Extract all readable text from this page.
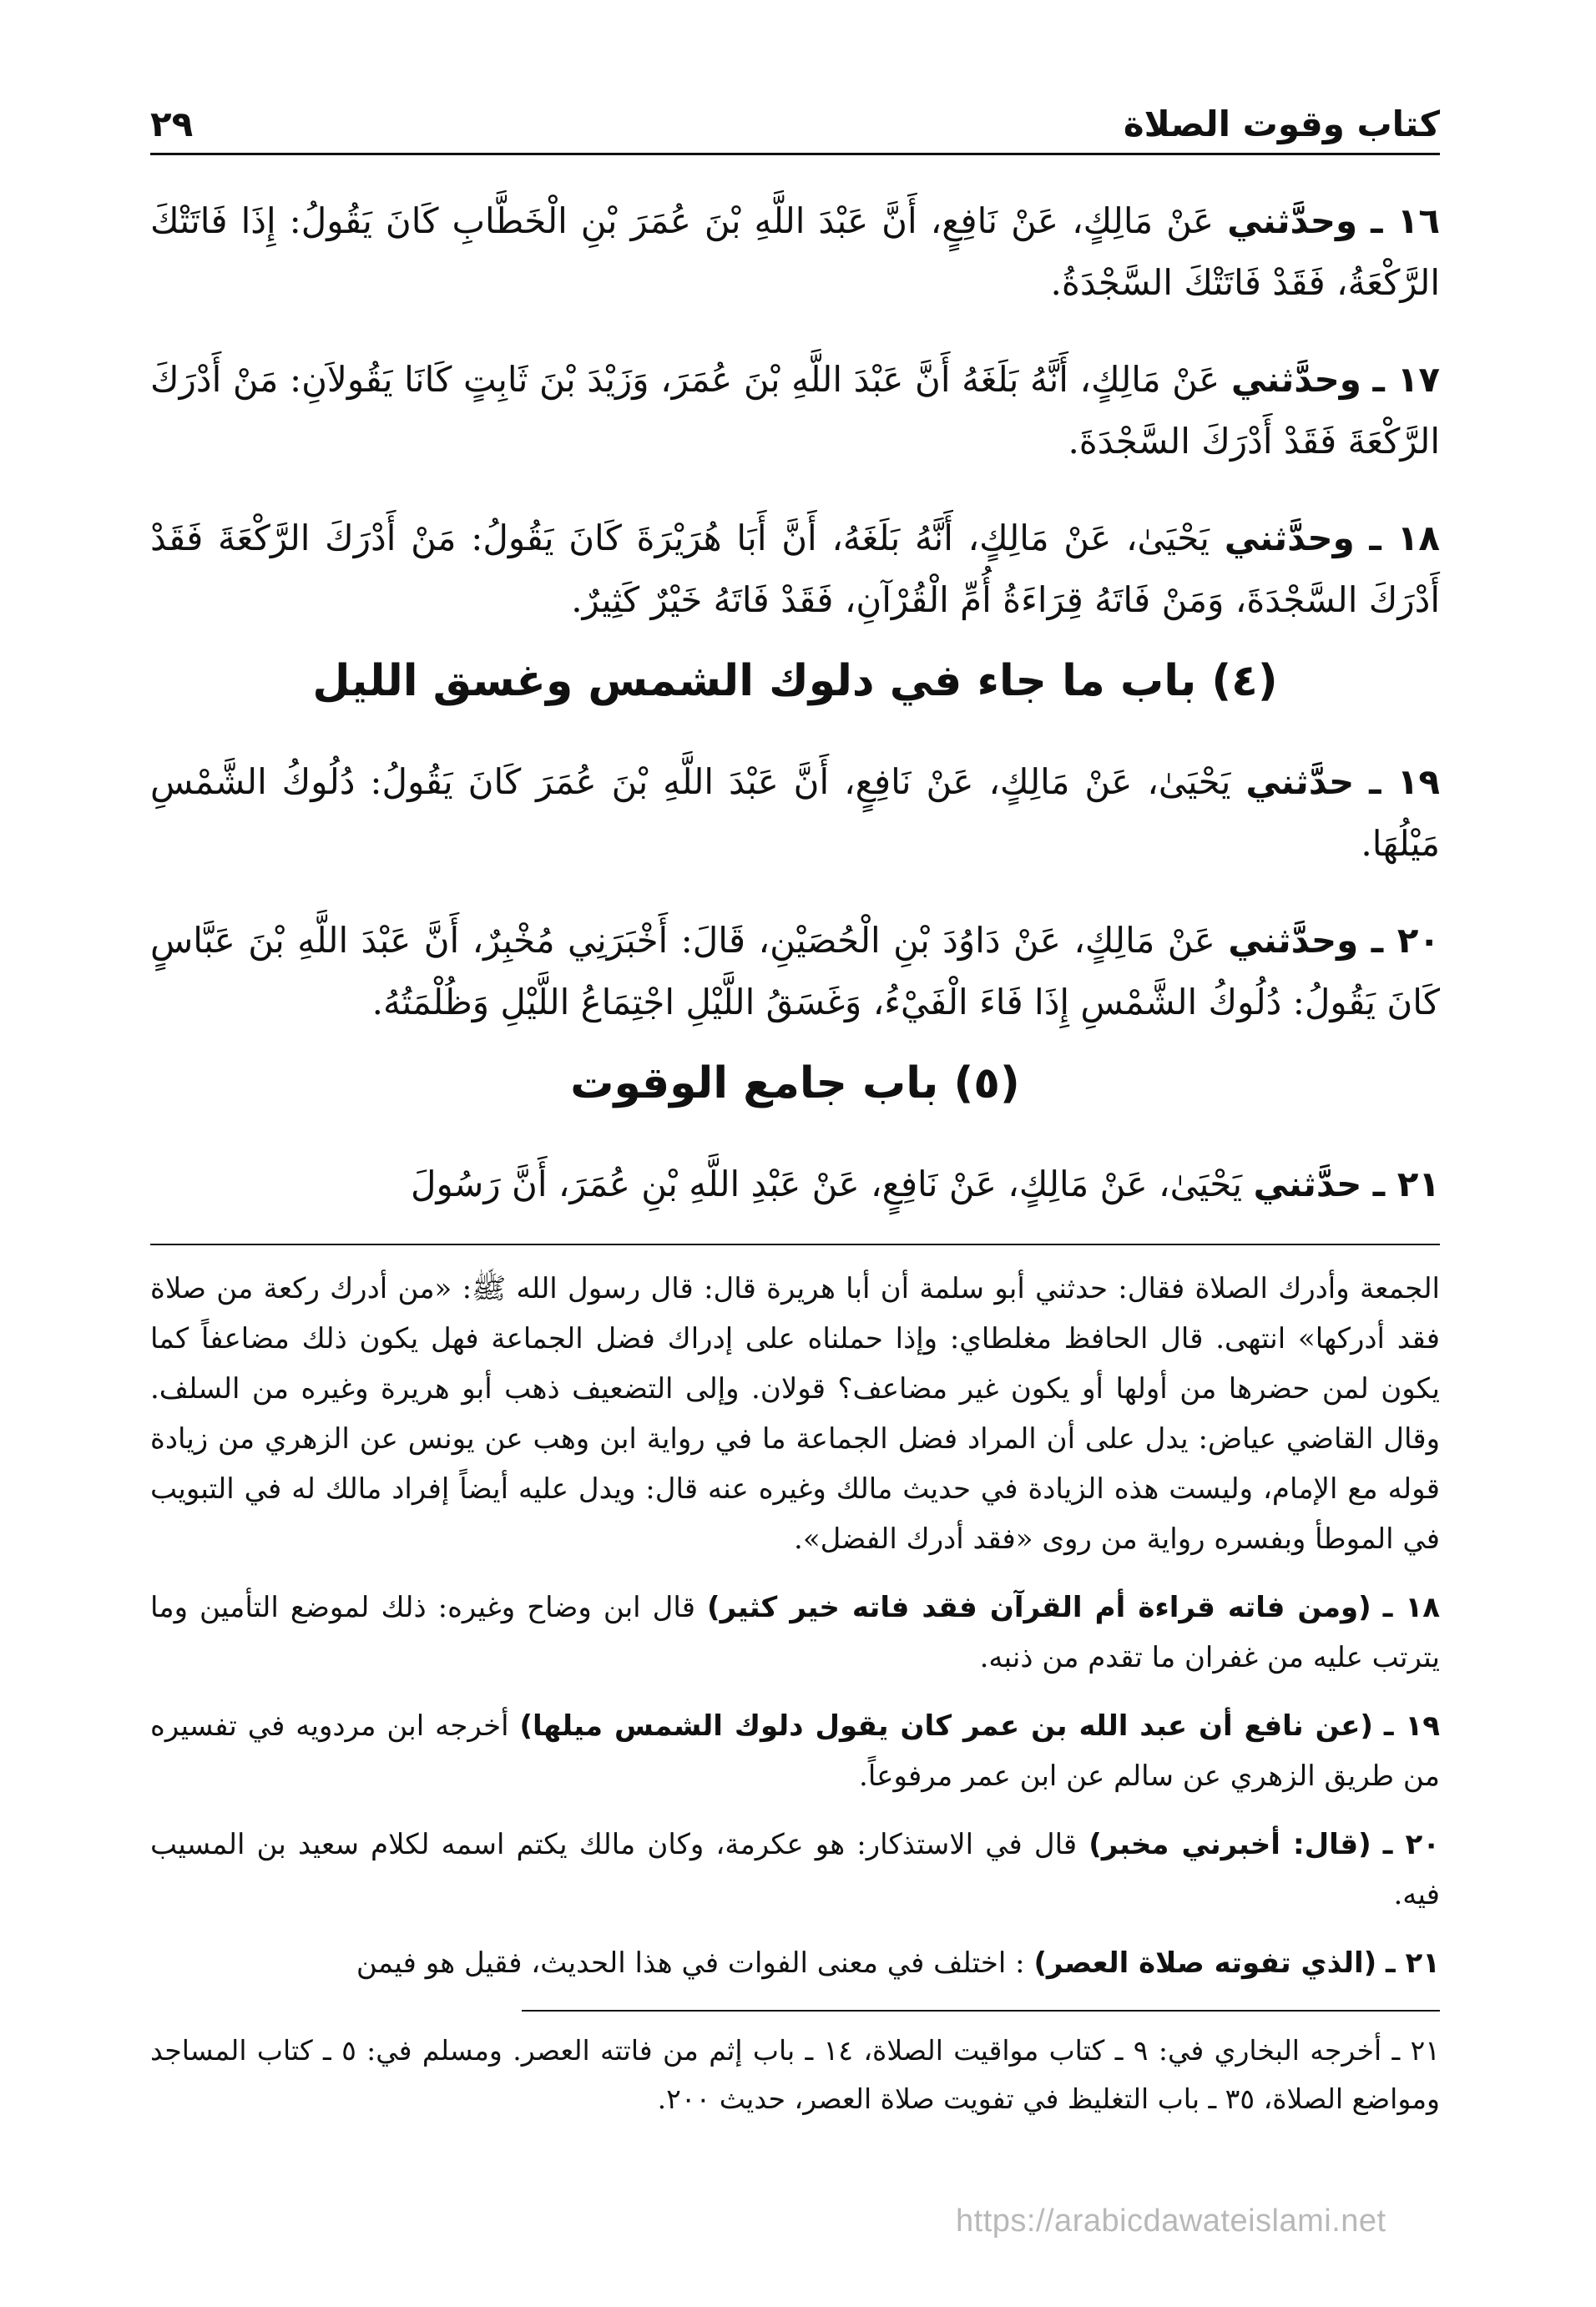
كتاب وقوت الصلاة
٢٩

١٦ ـ وحدَّثني عَنْ مَالِكٍ، عَنْ نَافِعٍ، أَنَّ عَبْدَ اللَّهِ بْنَ عُمَرَ بْنِ الْخَطَّابِ كَانَ يَقُولُ: إِذَا فَاتَتْكَ الرَّكْعَةُ، فَقَدْ فَاتَتْكَ السَّجْدَةُ.

١٧ ـ وحدَّثني عَنْ مَالِكٍ، أَنَّهُ بَلَغَهُ أَنَّ عَبْدَ اللَّهِ بْنَ عُمَرَ، وَزَيْدَ بْنَ ثَابِتٍ كَانَا يَقُولاَنِ: مَنْ أَدْرَكَ الرَّكْعَةَ فَقَدْ أَدْرَكَ السَّجْدَةَ.

١٨ ـ وحدَّثني يَحْيَىٰ، عَنْ مَالِكٍ، أَنَّهُ بَلَغَهُ، أَنَّ أَبَا هُرَيْرَةَ كَانَ يَقُولُ: مَنْ أَدْرَكَ الرَّكْعَةَ فَقَدْ أَدْرَكَ السَّجْدَةَ، وَمَنْ فَاتَهُ قِرَاءَةُ أُمِّ الْقُرْآنِ، فَقَدْ فَاتَهُ خَيْرٌ كَثِيرٌ.

(٤) باب ما جاء في دلوك الشمس وغسق الليل

١٩ ـ حدَّثني يَحْيَىٰ، عَنْ مَالِكٍ، عَنْ نَافِعٍ، أَنَّ عَبْدَ اللَّهِ بْنَ عُمَرَ كَانَ يَقُولُ: دُلُوكُ الشَّمْسِ مَيْلُهَا.

٢٠ ـ وحدَّثني عَنْ مَالِكٍ، عَنْ دَاوُدَ بْنِ الْحُصَيْنِ، قَالَ: أَخْبَرَنِي مُخْبِرٌ، أَنَّ عَبْدَ اللَّهِ بْنَ عَبَّاسٍ كَانَ يَقُولُ: دُلُوكُ الشَّمْسِ إِذَا فَاءَ الْفَيْءُ، وَغَسَقُ اللَّيْلِ اجْتِمَاعُ اللَّيْلِ وَظُلْمَتُهُ.

(٥) باب جامع الوقوت

٢١ ـ حدَّثني يَحْيَىٰ، عَنْ مَالِكٍ، عَنْ نَافِعٍ، عَنْ عَبْدِ اللَّهِ بْنِ عُمَرَ، أَنَّ رَسُولَ

الجمعة وأدرك الصلاة فقال: حدثني أبو سلمة أن أبا هريرة قال: قال رسول الله ﷺ: «من أدرك ركعة من صلاة فقد أدركها» انتهى. قال الحافظ مغلطاي: وإذا حملناه على إدراك فضل الجماعة فهل يكون ذلك مضاعفاً كما يكون لمن حضرها من أولها أو يكون غير مضاعف؟ قولان. وإلى التضعيف ذهب أبو هريرة وغيره من السلف. وقال القاضي عياض: يدل على أن المراد فضل الجماعة ما في رواية ابن وهب عن يونس عن الزهري من زيادة قوله مع الإمام، وليست هذه الزيادة في حديث مالك وغيره عنه قال: ويدل عليه أيضاً إفراد مالك له في التبويب في الموطأ وبفسره رواية من روى «فقد أدرك الفضل».

١٨ ـ (ومن فاته قراءة أم القرآن فقد فاته خير كثير) قال ابن وضاح وغيره: ذلك لموضع التأمين وما يترتب عليه من غفران ما تقدم من ذنبه.

١٩ ـ (عن نافع أن عبد الله بن عمر كان يقول دلوك الشمس ميلها) أخرجه ابن مردويه في تفسيره من طريق الزهري عن سالم عن ابن عمر مرفوعاً.

٢٠ ـ (قال: أخبرني مخبر) قال في الاستذكار: هو عكرمة، وكان مالك يكتم اسمه لكلام سعيد بن المسيب فيه.

٢١ ـ (الذي تفوته صلاة العصر) : اختلف في معنى الفوات في هذا الحديث، فقيل هو فيمن

٢١ ـ أخرجه البخاري في: ٩ ـ كتاب مواقيت الصلاة، ١٤ ـ باب إثم من فاتته العصر. ومسلم في: ٥ ـ كتاب المساجد ومواضع الصلاة، ٣٥ ـ باب التغليظ في تفويت صلاة العصر، حديث ٢٠٠.
https://arabicdawateislami.net
